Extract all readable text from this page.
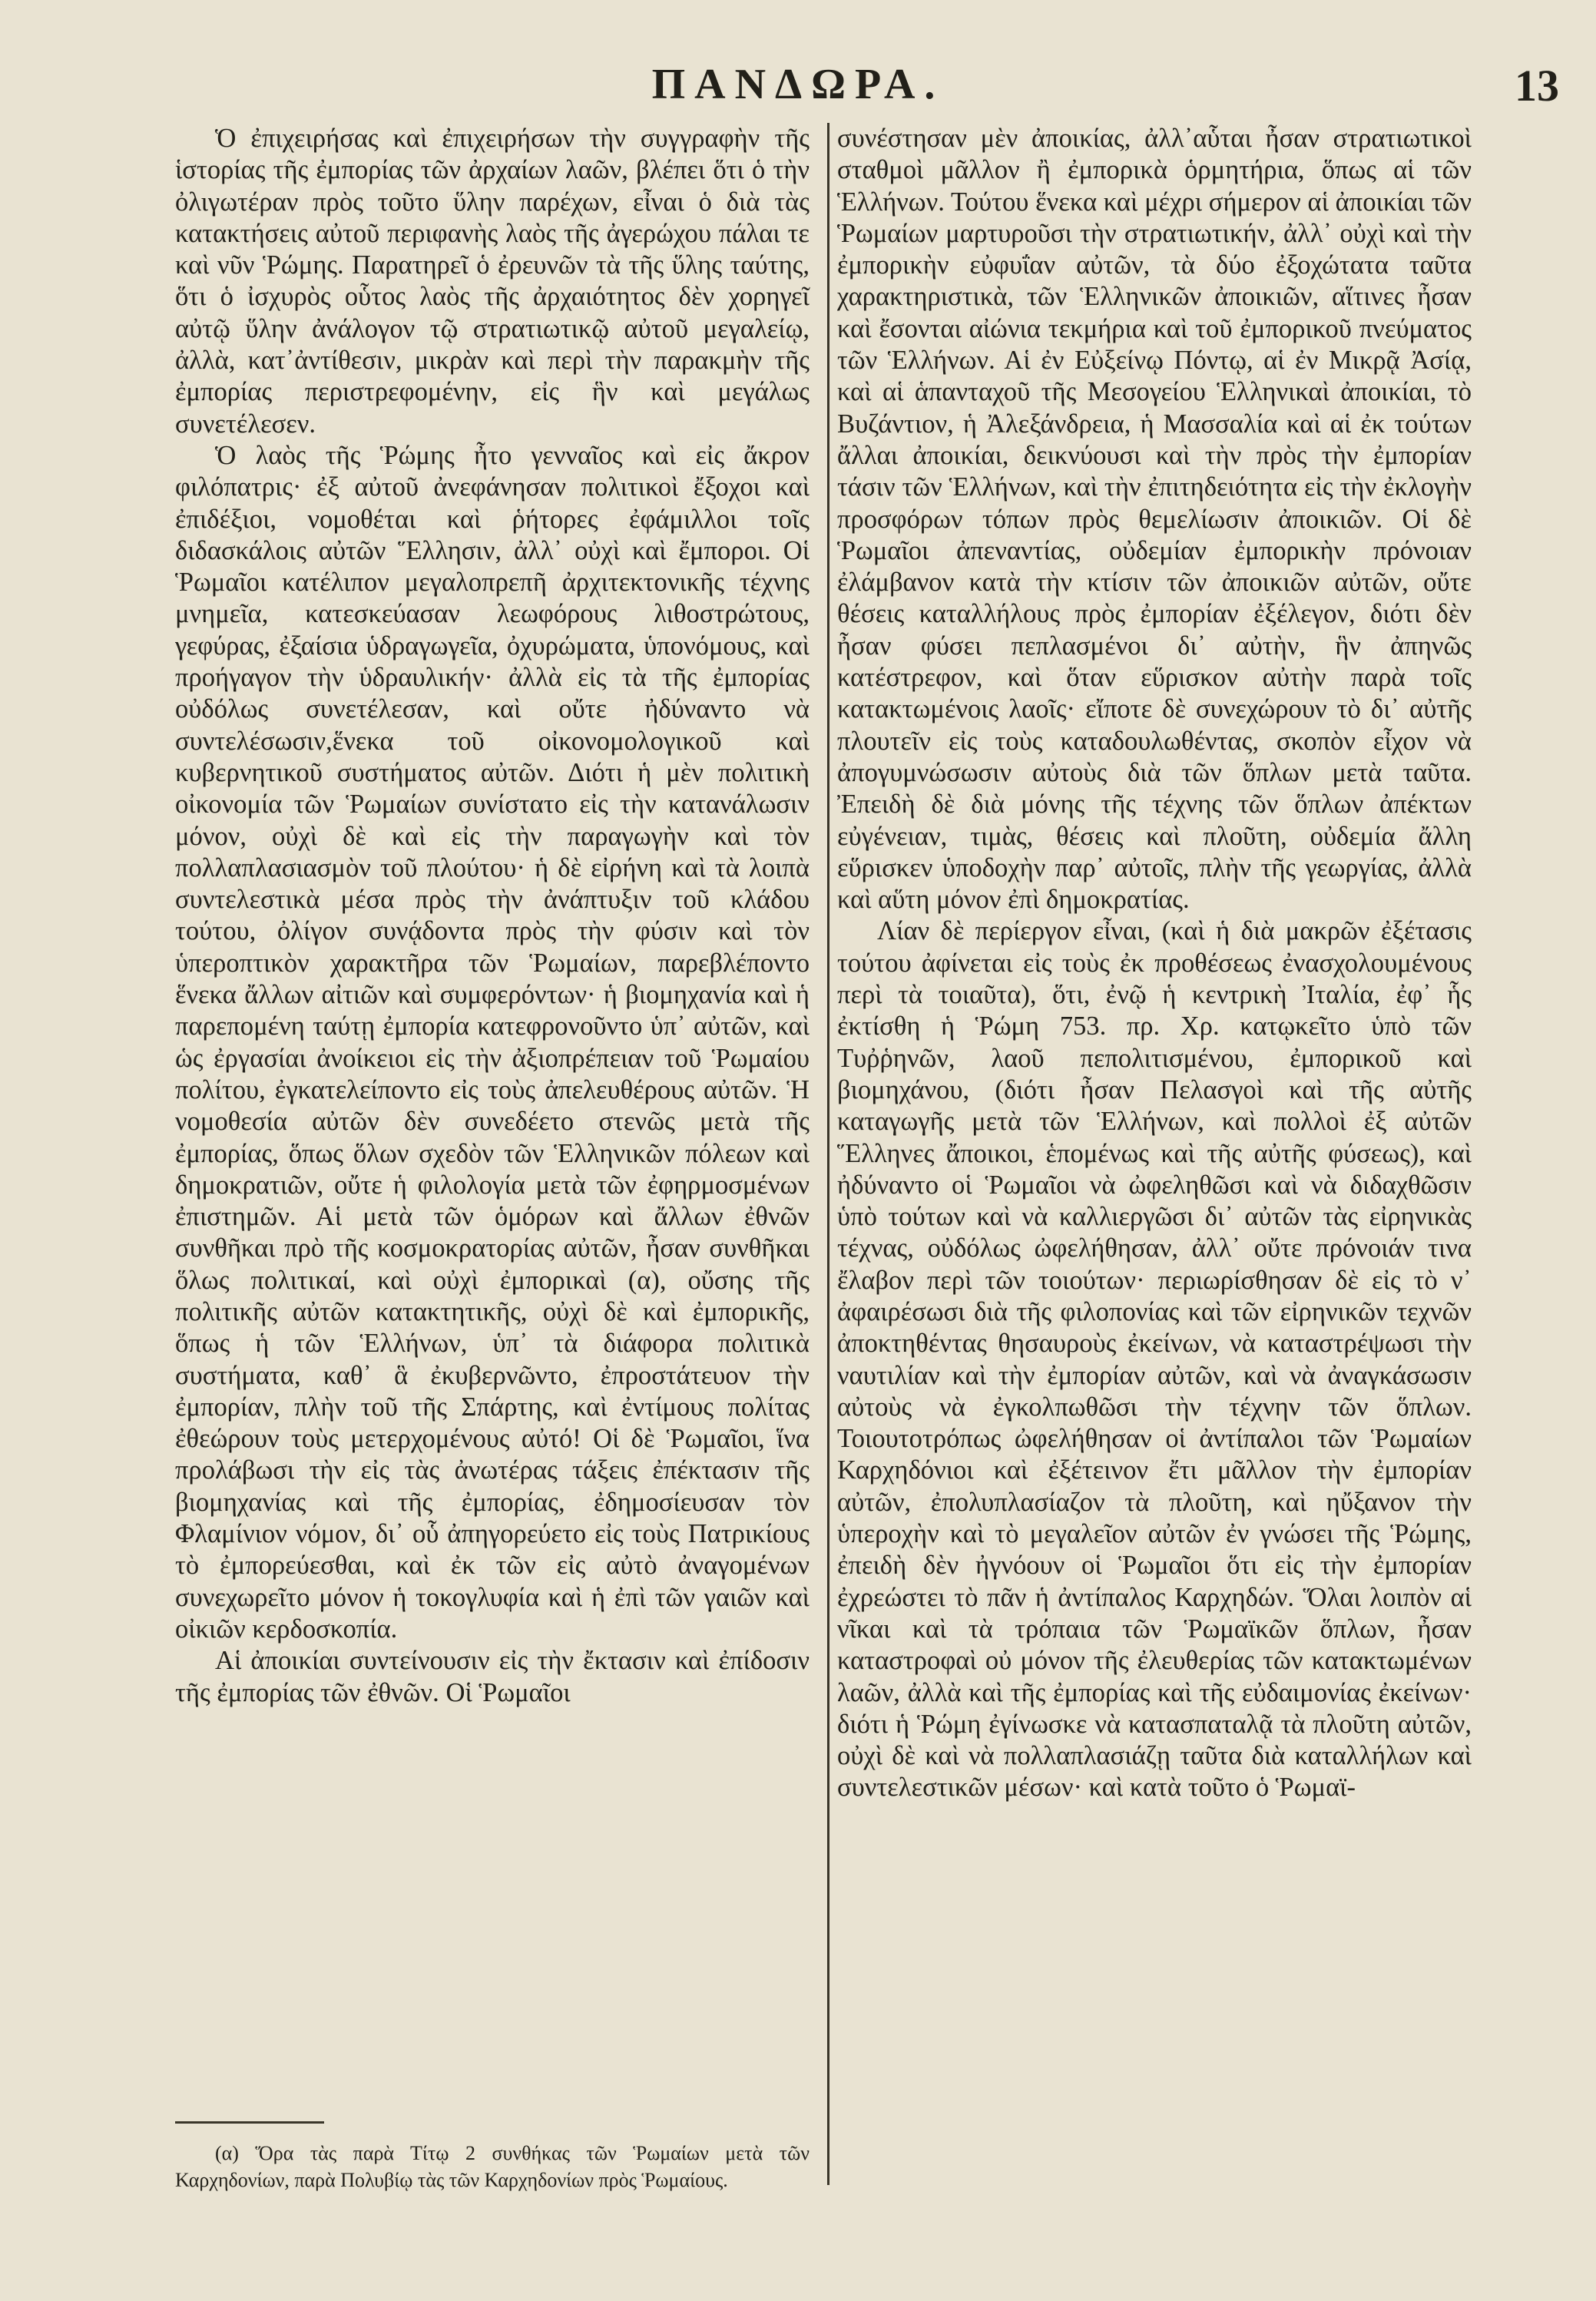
ΠΑΝΔΩΡΑ.	13

Ὁ ἐπιχειρήσας καὶ ἐπιχειρήσων τὴν συγγραφὴν τῆς ἱστορίας τῆς ἐμπορίας τῶν ἀρχαίων λαῶν, βλέπει ὅτι ὁ τὴν ὀλιγωτέραν πρὸς τοῦτο ὕλην παρέχων, εἶναι ὁ διὰ τὰς κατακτήσεις αὐτοῦ περιφανὴς λαὸς τῆς ἀγερώχου πάλαι τε καὶ νῦν Ῥώμης. Παρατηρεῖ ὁ ἐρευνῶν τὰ τῆς ὕλης ταύτης, ὅτι ὁ ἰσχυρὸς οὗτος λαὸς τῆς ἀρχαιότητος δὲν χορηγεῖ αὐτῷ ὕλην ἀνάλογον τῷ στρατιωτικῷ αὐτοῦ μεγαλείῳ, ἀλλὰ, κατ᾽ἀντίθεσιν, μικρὰν καὶ περὶ τὴν παρακμὴν τῆς ἐμπορίας περιστρεφομένην, εἰς ἣν καὶ μεγάλως συνετέλεσεν.

Ὁ λαὸς τῆς Ῥώμης ἦτο γενναῖος καὶ εἰς ἄκρον φιλόπατρις· ἐξ αὐτοῦ ἀνεφάνησαν πολιτικοὶ ἔξοχοι καὶ ἐπιδέξιοι, νομοθέται καὶ ῥήτορες ἐφάμιλλοι τοῖς διδασκάλοις αὐτῶν Ἕλλησιν, ἀλλ᾽ οὐχὶ καὶ ἔμποροι. Οἱ Ῥωμαῖοι κατέλιπον μεγαλοπρεπῆ ἀρχιτεκτονικῆς τέχνης μνημεῖα, κατεσκεύασαν λεωφόρους λιθοστρώτους, γεφύρας, ἐξαίσια ὑδραγωγεῖα, ὀχυρώματα, ὑπονόμους, καὶ προήγαγον τὴν ὑδραυλικήν· ἀλλὰ εἰς τὰ τῆς ἐμπορίας οὐδόλως συνετέλεσαν, καὶ οὔτε ἠδύναντο νὰ συντελέσωσιν,ἕνεκα τοῦ οἰκονομολογικοῦ καὶ κυβερνητικοῦ συστήματος αὐτῶν. Διότι ἡ μὲν πολιτικὴ οἰκονομία τῶν Ῥωμαίων συνίστατο εἰς τὴν κατανάλωσιν μόνον, οὐχὶ δὲ καὶ εἰς τὴν παραγωγὴν καὶ τὸν πολλαπλασιασμὸν τοῦ πλούτου· ἡ δὲ εἰρήνη καὶ τὰ λοιπὰ συντελεστικὰ μέσα πρὸς τὴν ἀνάπτυξιν τοῦ κλάδου τούτου, ὀλίγον συνᾴδοντα πρὸς τὴν φύσιν καὶ τὸν ὑπεροπτικὸν χαρακτῆρα τῶν Ῥωμαίων, παρεβλέποντο ἕνεκα ἄλλων αἰτιῶν καὶ συμφερόντων· ἡ βιομηχανία καὶ ἡ παρεπομένη ταύτῃ ἐμπορία κατεφρονοῦντο ὑπ᾽ αὐτῶν, καὶ ὡς ἐργασίαι ἀνοίκειοι εἰς τὴν ἀξιοπρέπειαν τοῦ Ῥωμαίου πολίτου, ἐγκατελείποντο εἰς τοὺς ἀπελευθέρους αὐτῶν. Ἡ νομοθεσία αὐτῶν δὲν συνεδέετο στενῶς μετὰ τῆς ἐμπορίας, ὅπως ὅλων σχεδὸν τῶν Ἑλληνικῶν πόλεων καὶ δημοκρατιῶν, οὔτε ἡ φιλολογία μετὰ τῶν ἐφηρμοσμένων ἐπιστημῶν. Αἱ μετὰ τῶν ὁμόρων καὶ ἄλλων ἐθνῶν συνθῆκαι πρὸ τῆς κοσμοκρατορίας αὐτῶν, ἦσαν συνθῆκαι ὅλως πολιτικαί, καὶ οὐχὶ ἐμπορικαὶ (α), οὔσης τῆς πολιτικῆς αὐτῶν κατακτητικῆς, οὐχὶ δὲ καὶ ἐμπορικῆς, ὅπως ἡ τῶν Ἑλλήνων, ὑπ᾽ τὰ διάφορα πολιτικὰ συστήματα, καθ᾽ ἃ ἐκυβερνῶντο, ἐπροστάτευον τὴν ἐμπορίαν, πλὴν τοῦ τῆς Σπάρτης, καὶ ἐντίμους πολίτας ἐθεώρουν τοὺς μετερχομένους αὐτό! Οἱ δὲ Ῥωμαῖοι, ἵνα προλάβωσι τὴν εἰς τὰς ἀνωτέρας τάξεις ἐπέκτασιν τῆς βιομηχανίας καὶ τῆς ἐμπορίας, ἐδημοσίευσαν τὸν Φλαμίνιον νόμον, δι᾽ οὗ ἀπηγορεύετο εἰς τοὺς Πατρικίους τὸ ἐμπορεύεσθαι, καὶ ἐκ τῶν εἰς αὐτὸ ἀναγομένων συνεχωρεῖτο μόνον ἡ τοκογλυφία καὶ ἡ ἐπὶ τῶν γαιῶν καὶ οἰκιῶν κερδοσκοπία.

Αἱ ἀποικίαι συντείνουσιν εἰς τὴν ἔκτασιν καὶ ἐπίδοσιν τῆς ἐμπορίας τῶν ἐθνῶν. Οἱ Ῥωμαῖοι

συνέστησαν μὲν ἀποικίας, ἀλλ᾽αὗται ἦσαν στρατιωτικοὶ σταθμοὶ μᾶλλον ἢ ἐμπορικὰ ὁρμητήρια, ὅπως αἱ τῶν Ἑλλήνων. Τούτου ἕνεκα καὶ μέχρι σήμερον αἱ ἀποικίαι τῶν Ῥωμαίων μαρτυροῦσι τὴν στρατιωτικήν, ἀλλ᾽ οὐχὶ καὶ τὴν ἐμπορικὴν εὐφυΐαν αὐτῶν, τὰ δύο ἐξοχώτατα ταῦτα χαρακτηριστικὰ, τῶν Ἑλληνικῶν ἀποικιῶν, αἵτινες ἦσαν καὶ ἔσονται αἰώνια τεκμήρια καὶ τοῦ ἐμπορικοῦ πνεύματος τῶν Ἑλλήνων. Αἱ ἐν Εὐξείνῳ Πόντῳ, αἱ ἐν Μικρᾷ Ἀσίᾳ, καὶ αἱ ἁπανταχοῦ τῆς Μεσογείου Ἑλληνικαὶ ἀποικίαι, τὸ Βυζάντιον, ἡ Ἀλεξάνδρεια, ἡ Μασσαλία καὶ αἱ ἐκ τούτων ἄλλαι ἀποικίαι, δεικνύουσι καὶ τὴν πρὸς τὴν ἐμπορίαν τάσιν τῶν Ἑλλήνων, καὶ τὴν ἐπιτηδειότητα εἰς τὴν ἐκλογὴν προσφόρων τόπων πρὸς θεμελίωσιν ἀποικιῶν. Οἱ δὲ Ῥωμαῖοι ἀπεναντίας, οὐδεμίαν ἐμπορικὴν πρόνοιαν ἐλάμβανον κατὰ τὴν κτίσιν τῶν ἀποικιῶν αὐτῶν, οὔτε θέσεις καταλλήλους πρὸς ἐμπορίαν ἐξέλεγον, διότι δὲν ἦσαν φύσει πεπλασμένοι δι᾽ αὐτὴν, ἣν ἀπηνῶς κατέστρεφον, καὶ ὅταν εὕρισκον αὐτὴν παρὰ τοῖς κατακτωμένοις λαοῖς· εἴποτε δὲ συνεχώρουν τὸ δι᾽ αὐτῆς πλουτεῖν εἰς τοὺς καταδουλωθέντας, σκοπὸν εἶχον νὰ ἀπογυμνώσωσιν αὐτοὺς διὰ τῶν ὅπλων μετὰ ταῦτα. Ἐπειδὴ δὲ διὰ μόνης τῆς τέχνης τῶν ὅπλων ἀπέκτων εὐγένειαν, τιμὰς, θέσεις καὶ πλοῦτη, οὐδεμία ἄλλη εὕρισκεν ὑποδοχὴν παρ᾽ αὐτοῖς, πλὴν τῆς γεωργίας, ἀλλὰ καὶ αὕτη μόνον ἐπὶ δημοκρατίας.

Λίαν δὲ περίεργον εἶναι, (καὶ ἡ διὰ μακρῶν ἐξέτασις τούτου ἀφίνεται εἰς τοὺς ἐκ προθέσεως ἐνασχολουμένους περὶ τὰ τοιαῦτα), ὅτι, ἐνῷ ἡ κεντρικὴ Ἰταλία, ἐφ᾽ ἧς ἐκτίσθη ἡ Ῥώμη 753. πρ. Χρ. κατῳκεῖτο ὑπὸ τῶν Τυῤῥηνῶν, λαοῦ πεπολιτισμένου, ἐμπορικοῦ καὶ βιομηχάνου, (διότι ἦσαν Πελασγοὶ καὶ τῆς αὐτῆς καταγωγῆς μετὰ τῶν Ἑλλήνων, καὶ πολλοὶ ἐξ αὐτῶν Ἕλληνες ἄποικοι, ἑπομένως καὶ τῆς αὐτῆς φύσεως), καὶ ἠδύναντο οἱ Ῥωμαῖοι νὰ ὠφεληθῶσι καὶ νὰ διδαχθῶσιν ὑπὸ τούτων καὶ νὰ καλλιεργῶσι δι᾽ αὐτῶν τὰς εἰρηνικὰς τέχνας, οὐδόλως ὠφελήθησαν, ἀλλ᾽ οὔτε πρόνοιάν τινα ἔλαβον περὶ τῶν τοιούτων· περιωρίσθησαν δὲ εἰς τὸ ν᾽ ἀφαιρέσωσι διὰ τῆς φιλοπονίας καὶ τῶν εἰρηνικῶν τεχνῶν ἀποκτηθέντας θησαυροὺς ἐκείνων, νὰ καταστρέψωσι τὴν ναυτιλίαν καὶ τὴν ἐμπορίαν αὐτῶν, καὶ νὰ ἀναγκάσωσιν αὐτοὺς νὰ ἐγκολπωθῶσι τὴν τέχνην τῶν ὅπλων. Τοιουτοτρόπως ὠφελήθησαν οἱ ἀντίπαλοι τῶν Ῥωμαίων Καρχηδόνιοι καὶ ἐξέτεινον ἔτι μᾶλλον τὴν ἐμπορίαν αὐτῶν, ἐπολυπλασίαζον τὰ πλοῦτη, καὶ ηὔξανον τὴν ὑπεροχὴν καὶ τὸ μεγαλεῖον αὐτῶν ἐν γνώσει τῆς Ῥώμης, ἐπειδὴ δὲν ἠγνόουν οἱ Ῥωμαῖοι ὅτι εἰς τὴν ἐμπορίαν ἐχρεώστει τὸ πᾶν ἡ ἀντίπαλος Καρχηδών. Ὅλαι λοιπὸν αἱ νῖκαι καὶ τὰ τρόπαια τῶν Ῥωμαϊκῶν ὅπλων, ἦσαν καταστροφαὶ οὐ μόνον τῆς ἐλευθερίας τῶν κατακτωμένων λαῶν, ἀλλὰ καὶ τῆς ἐμπορίας καὶ τῆς εὐδαιμονίας ἐκείνων· διότι ἡ Ῥώμη ἐγίνωσκε νὰ κατασπαταλᾷ τὰ πλοῦτη αὐτῶν, οὐχὶ δὲ καὶ νὰ πολλαπλασιάζῃ ταῦτα διὰ καταλλήλων καὶ συντελεστικῶν μέσων· καὶ κατὰ τοῦτο ὁ Ῥωμαϊ-

(α) Ὅρα τὰς παρὰ Τίτῳ 2 συνθήκας τῶν Ῥωμαίων μετὰ τῶν Καρχηδονίων, παρὰ Πολυβίῳ τὰς τῶν Καρχηδονίων πρὸς Ῥωμαίους.
